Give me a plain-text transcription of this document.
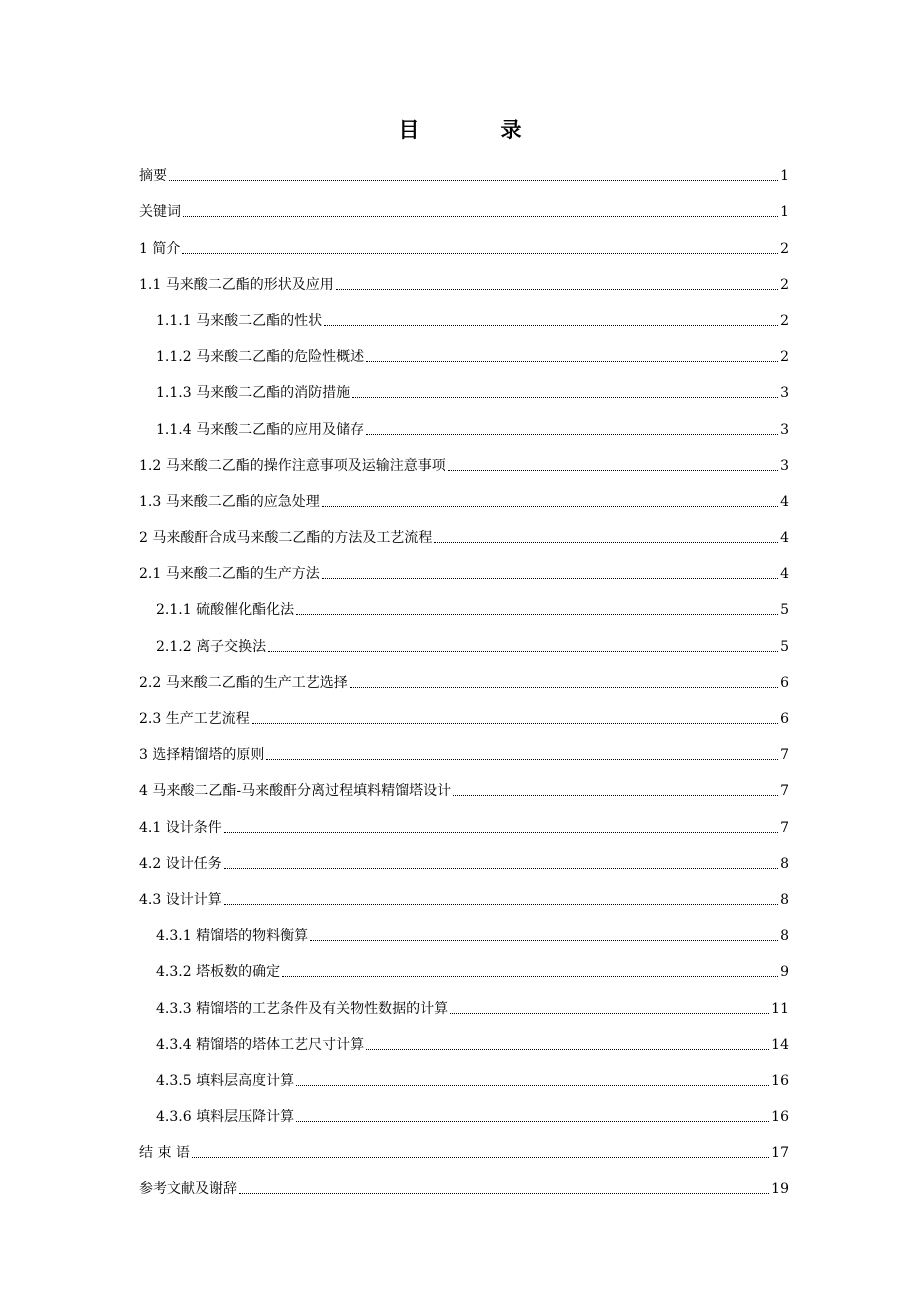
目　录
摘要	1
关键词	1
1 简介	2
1.1 马来酸二乙酯的形状及应用	2
1.1.1 马来酸二乙酯的性状	2
1.1.2 马来酸二乙酯的危险性概述	2
1.1.3 马来酸二乙酯的消防措施	3
1.1.4 马来酸二乙酯的应用及储存	3
1.2 马来酸二乙酯的操作注意事项及运输注意事项	3
1.3 马来酸二乙酯的应急处理	4
2 马来酸酐合成马来酸二乙酯的方法及工艺流程	4
2.1 马来酸二乙酯的生产方法	4
2.1.1 硫酸催化酯化法	5
2.1.2 离子交换法	5
2.2 马来酸二乙酯的生产工艺选择	6
2.3 生产工艺流程	6
3 选择精馏塔的原则	7
4 马来酸二乙酯-马来酸酐分离过程填料精馏塔设计	7
4.1 设计条件	7
4.2 设计任务	8
4.3 设计计算	8
4.3.1 精馏塔的物料衡算	8
4.3.2 塔板数的确定	9
4.3.3 精馏塔的工艺条件及有关物性数据的计算	11
4.3.4 精馏塔的塔体工艺尺寸计算	14
4.3.5 填料层高度计算	16
4.3.6 填料层压降计算	16
结 束 语	17
参考文献及谢辞	19
